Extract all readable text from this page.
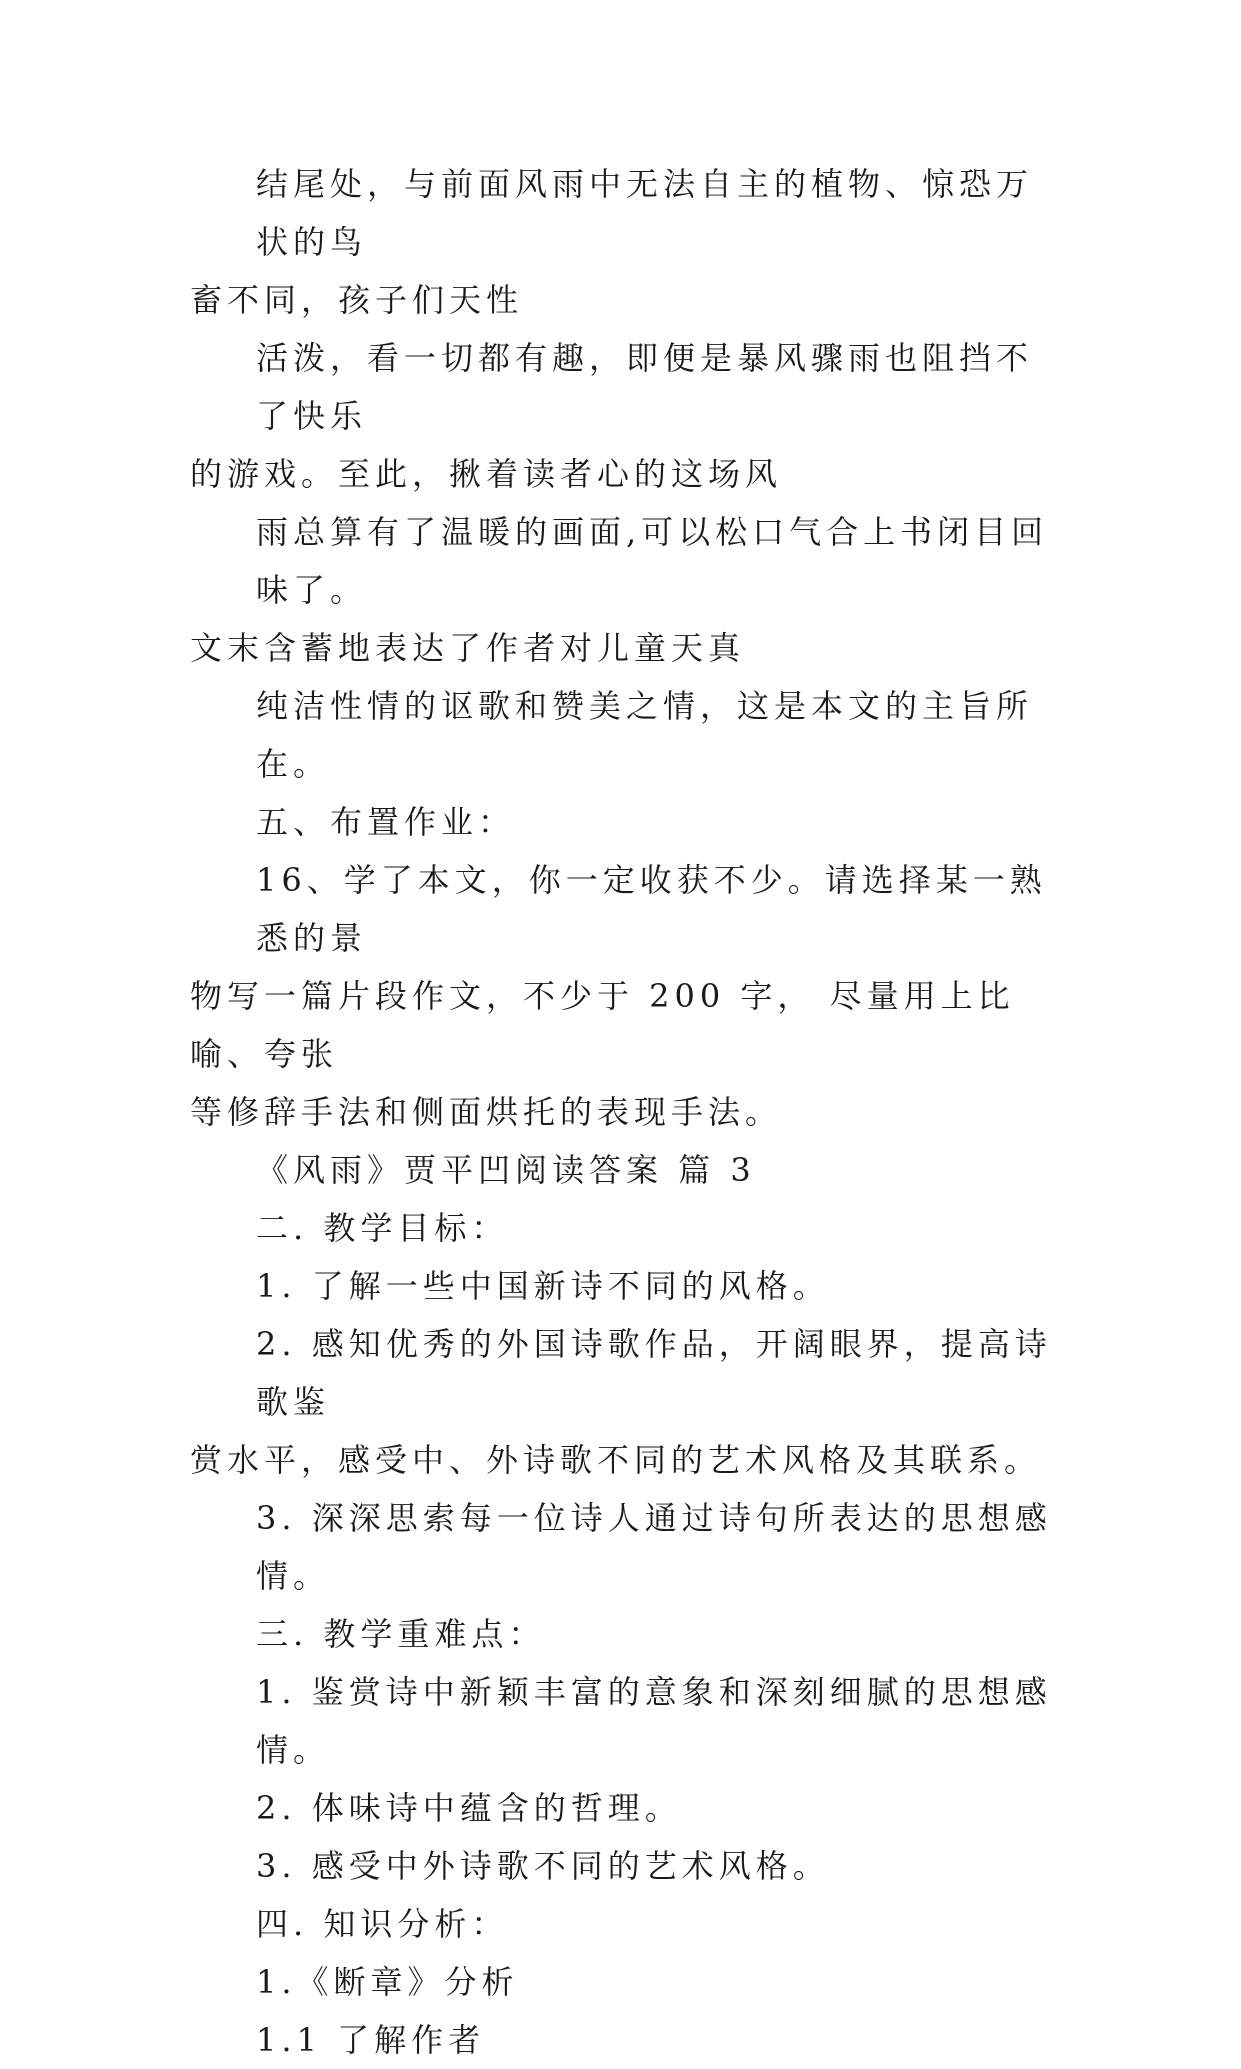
结尾处，与前面风雨中无法自主的植物、惊恐万状的鸟
畜不同，孩子们天性
活泼，看一切都有趣，即便是暴风骤雨也阻挡不了快乐
的游戏。至此，揪着读者心的这场风
雨总算有了温暖的画面,可以松口气合上书闭目回味了。
文末含蓄地表达了作者对儿童天真
纯洁性情的讴歌和赞美之情，这是本文的主旨所在。
五、布置作业：
16、学了本文，你一定收获不少。请选择某一熟悉的景
物写一篇片段作文，不少于 200 字， 尽量用上比喻、夸张
等修辞手法和侧面烘托的表现手法。
《风雨》贾平凹阅读答案 篇 3
二. 教学目标：
1. 了解一些中国新诗不同的风格。
2. 感知优秀的外国诗歌作品，开阔眼界，提高诗歌鉴
赏水平，感受中、外诗歌不同的艺术风格及其联系。
3. 深深思索每一位诗人通过诗句所表达的思想感情。
三. 教学重难点：
1. 鉴赏诗中新颖丰富的意象和深刻细腻的思想感情。
2. 体味诗中蕴含的哲理。
3. 感受中外诗歌不同的艺术风格。
四. 知识分析：
1.《断章》分析
1.1 了解作者
